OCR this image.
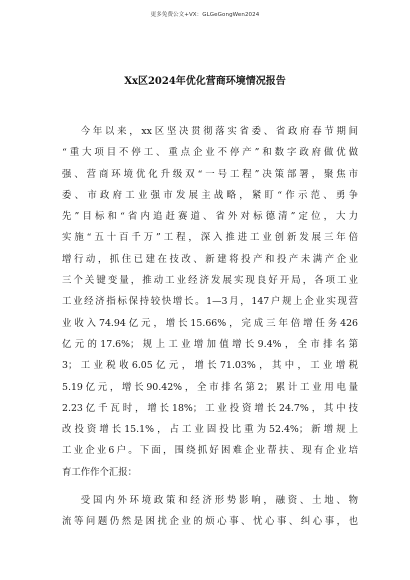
更多免费公文+VX：GLGeGongWen2024
Xx区2024年优化营商环境情况报告
今年以来，xx区坚决贯彻落实省委、省政府春节期间
“重大项目不停工、重点企业不停产”和数字政府做优做
强、营商环境优化升级双“一号工程”决策部署，聚焦市
委、市政府工业强市发展主战略，紧盯“作示范、勇争
先”目标和“省内追赶赛道、省外对标德清”定位，大力
实施“五十百千万”工程，深入推进工业创新发展三年倍
增行动，抓住已建在技改、新建将投产和投产未满产企业
三个关键变量，推动工业经济发展实现良好开局，各项工业
工业经济指标保持较快增长。1—3月，147户规上企业实现营
业收入74.94亿元，增长15.66%，完成三年倍增任务426
亿元的17.6%；规上工业增加值增长9.4%，全市排名第
3；工业税收6.05亿元，增长71.03%，其中，工业增税
5.19亿元，增长90.42%，全市排名第2；累计工业用电量
2.23亿千瓦时，增长18%；工业投资增长24.7%，其中技
改投资增长15.1%，占工业固投比重为52.4%；新增规上
工业企业6户。下面，围绕抓好困难企业帮扶、现有企业培
育工作作个汇报：
受国内外环境政策和经济形势影响，融资、土地、物
流等问题仍然是困扰企业的烦心事、忧心事、纠心事，也
